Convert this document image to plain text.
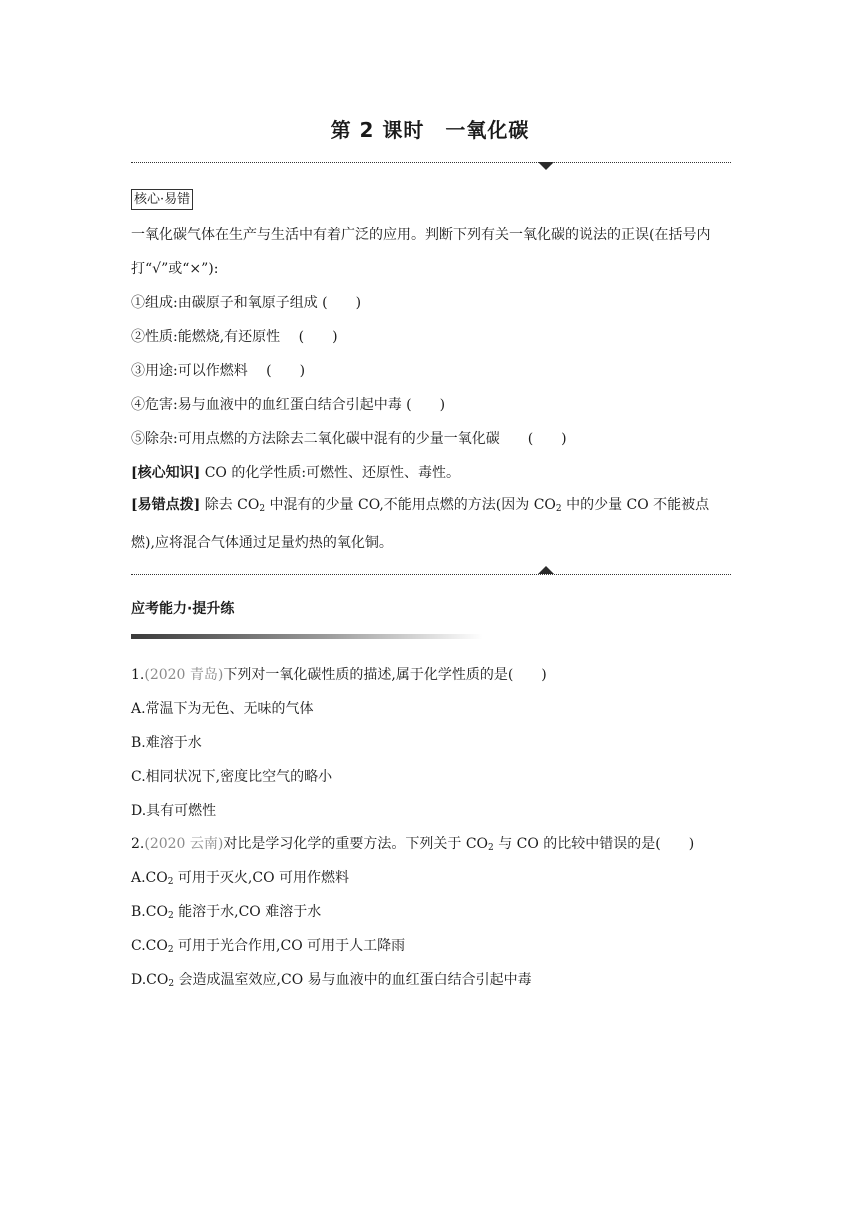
第 2 课时　一氧化碳
核心·易错
一氧化碳气体在生产与生活中有着广泛的应用。判断下列有关一氧化碳的说法的正误(在括号内打“√”或“×”):
①组成:由碳原子和氧原子组成 (　　)
②性质:能燃烧,有还原性　 (　　)
③用途:可以作燃料　 (　　)
④危害:易与血液中的血红蛋白结合引起中毒 (　　)
⑤除杂:可用点燃的方法除去二氧化碳中混有的少量一氧化碳　　(　　)
[核心知识] CO 的化学性质:可燃性、还原性、毒性。
[易错点拨] 除去 $CO_2$ 中混有的少量 CO,不能用点燃的方法(因为 $CO_2$ 中的少量 CO 不能被点燃),应将混合气体通过足量灼热的氧化铜。
应考能力·提升练
1.(2020 青岛)下列对一氧化碳性质的描述,属于化学性质的是(　　)
A.常温下为无色、无味的气体
B.难溶于水
C.相同状况下,密度比空气的略小
D.具有可燃性
2.(2020 云南)对比是学习化学的重要方法。下列关于 $CO_2$ 与 CO 的比较中错误的是(　　)
$A.CO_2$ 可用于灭火,CO 可用作燃料
$B.CO_2$ 能溶于水,CO 难溶于水
$C.CO_2$ 可用于光合作用,CO 可用于人工降雨
$D.CO_2$ 会造成温室效应,CO 易与血液中的血红蛋白结合引起中毒
